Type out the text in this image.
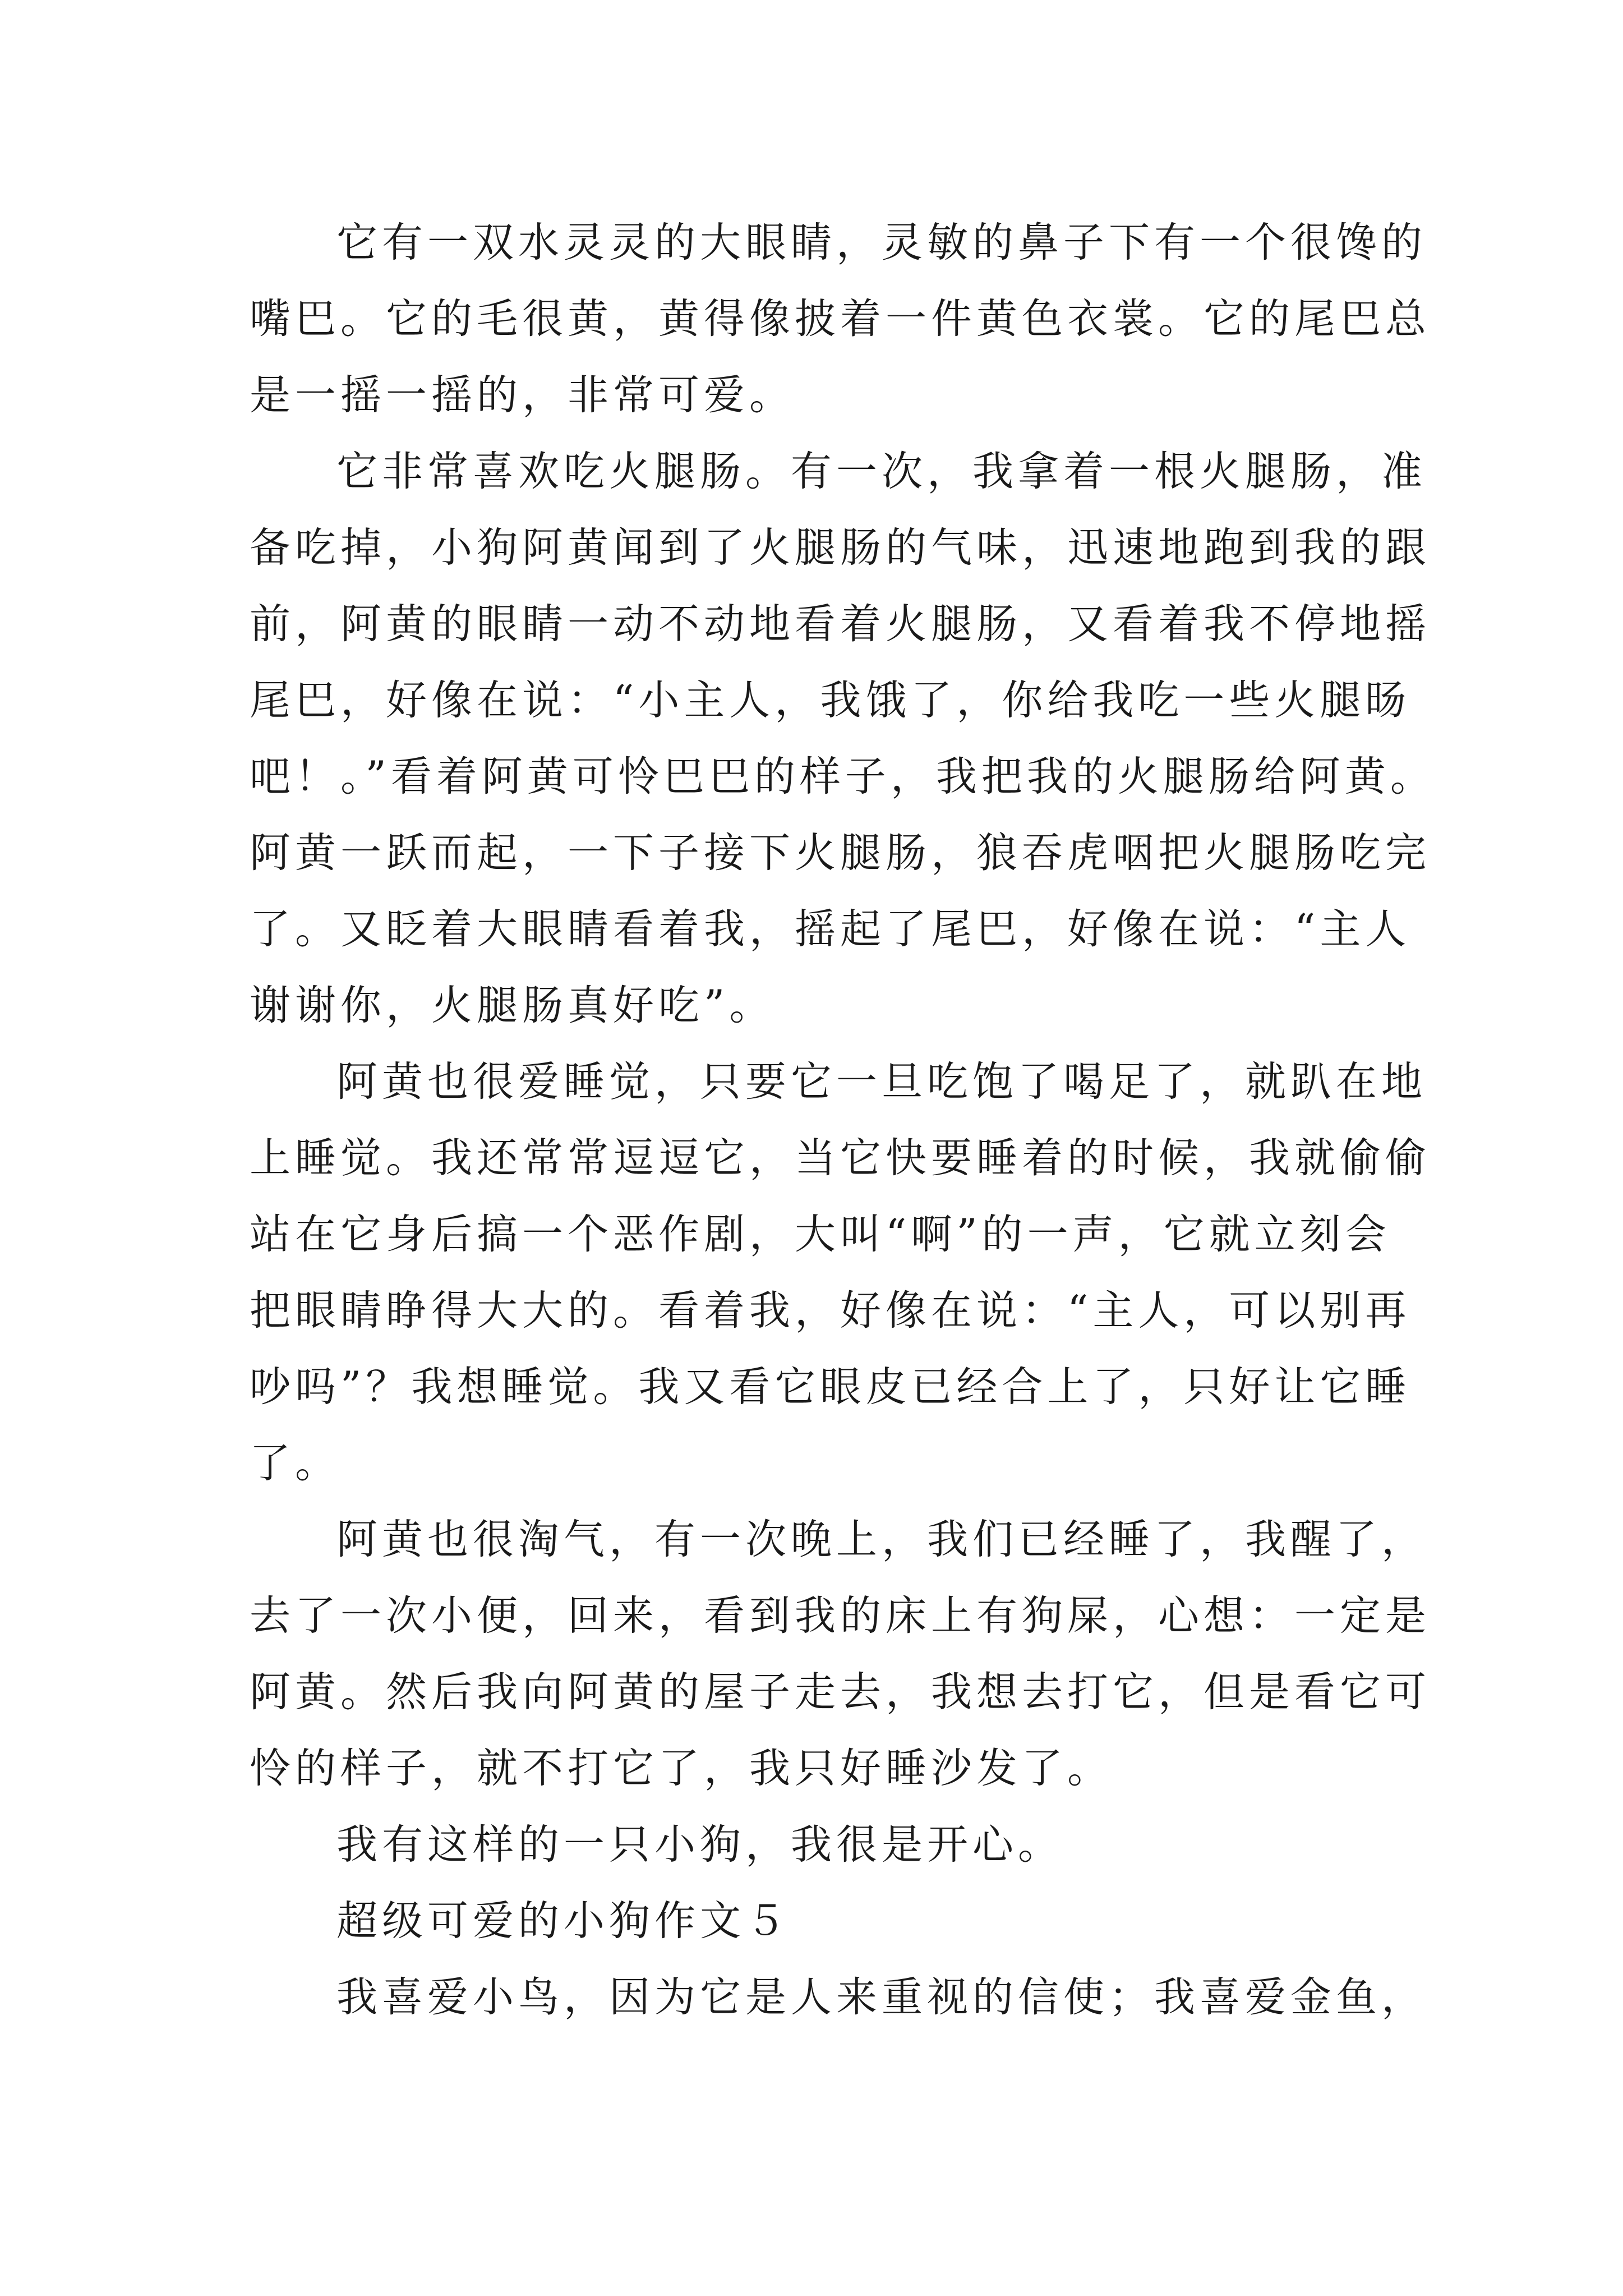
它有一双水灵灵的大眼睛，灵敏的鼻子下有一个很馋的
嘴巴。它的毛很黄，黄得像披着一件黄色衣裳。它的尾巴总
是一摇一摇的，非常可爱。
它非常喜欢吃火腿肠。有一次，我拿着一根火腿肠，准
备吃掉，小狗阿黄闻到了火腿肠的气味，迅速地跑到我的跟
前，阿黄的眼睛一动不动地看着火腿肠，又看着我不停地摇
尾巴，好像在说：“小主人，我饿了，你给我吃一些火腿旸
吧！。”看着阿黄可怜巴巴的样子，我把我的火腿肠给阿黄。
阿黄一跃而起，一下子接下火腿肠，狼吞虎咽把火腿肠吃完
了。又眨着大眼睛看着我，摇起了尾巴，好像在说：“主人
谢谢你，火腿肠真好吃”。
阿黄也很爱睡觉，只要它一旦吃饱了喝足了，就趴在地
上睡觉。我还常常逗逗它，当它快要睡着的时候，我就偷偷
站在它身后搞一个恶作剧，大叫“啊”的一声，它就立刻会
把眼睛睁得大大的。看着我，好像在说：“主人，可以别再
吵吗”？我想睡觉。我又看它眼皮已经合上了，只好让它睡
了。
阿黄也很淘气，有一次晚上，我们已经睡了，我醒了，
去了一次小便，回来，看到我的床上有狗屎，心想：一定是
阿黄。然后我向阿黄的屋子走去，我想去打它，但是看它可
怜的样子，就不打它了，我只好睡沙发了。
我有这样的一只小狗，我很是开心。
超级可爱的小狗作文５
我喜爱小鸟，因为它是人来重视的信使；我喜爱金鱼，
